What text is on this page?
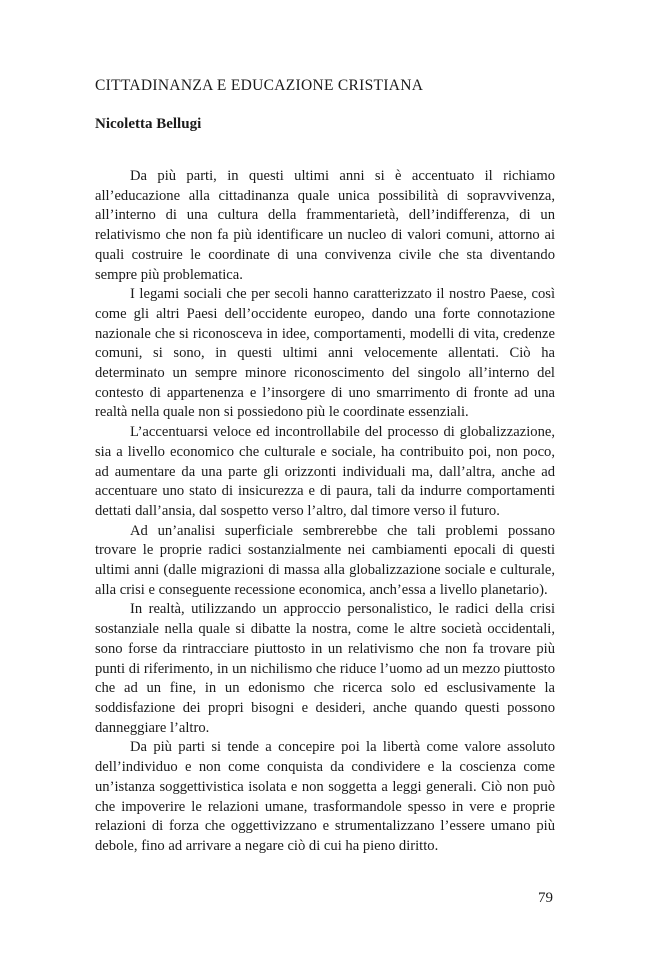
CITTADINANZA E EDUCAZIONE CRISTIANA
Nicoletta Bellugi

Da più parti, in questi ultimi anni si è accentuato il richiamo all’educazione alla cittadinanza quale unica possibilità di sopravvivenza, all’interno di una cultura della frammentarietà, dell’indifferenza, di un relativismo che non fa più identificare un nucleo di valori comuni, attorno ai quali costruire le coordinate di una convivenza civile che sta diventando sempre più problematica.

I legami sociali che per secoli hanno caratterizzato il nostro Paese, così come gli altri Paesi dell’occidente europeo, dando una forte connotazione nazionale che si riconosceva in idee, comportamenti, modelli di vita, credenze comuni, si sono, in questi ultimi anni velocemente allentati. Ciò ha determinato un sempre minore riconoscimento del singolo all’interno del contesto di appartenenza e l’insorgere di uno smarrimento di fronte ad una realtà nella quale non si possiedono più le coordinate essenziali.

L’accentuarsi veloce ed incontrollabile del processo di globalizzazione, sia a livello economico che culturale e sociale, ha contribuito poi, non poco, ad aumentare da una parte gli orizzonti individuali ma, dall’altra, anche ad accentuare uno stato di insicurezza e di paura, tali da indurre comportamenti dettati dall’ansia, dal sospetto verso l’altro, dal timore verso il futuro.

Ad un’analisi superficiale sembrerebbe che tali problemi possano trovare le proprie radici sostanzialmente nei cambiamenti epocali di questi ultimi anni (dalle migrazioni di massa alla globalizzazione sociale e culturale, alla crisi e conseguente recessione economica, anch’essa a livello planetario).

In realtà, utilizzando un approccio personalistico, le radici della crisi sostanziale nella quale si dibatte la nostra, come le altre società occidentali, sono forse da rintracciare piuttosto in un relativismo che non fa trovare più punti di riferimento, in un nichilismo che riduce l’uomo ad un mezzo piuttosto che ad un fine, in un edonismo che ricerca solo ed esclusivamente la soddisfazione dei propri bisogni e desideri, anche quando questi possono danneggiare l’altro.

Da più parti si tende a concepire poi la libertà come valore assoluto dell’individuo e non come conquista da condividere e la coscienza come un’istanza soggettivistica isolata e non soggetta a leggi generali. Ciò non può che impoverire le relazioni umane, trasformandole spesso in vere e proprie relazioni di forza che oggettivizzano e strumentalizzano l’essere umano più debole, fino ad arrivare a negare ciò di cui ha pieno diritto.

79
